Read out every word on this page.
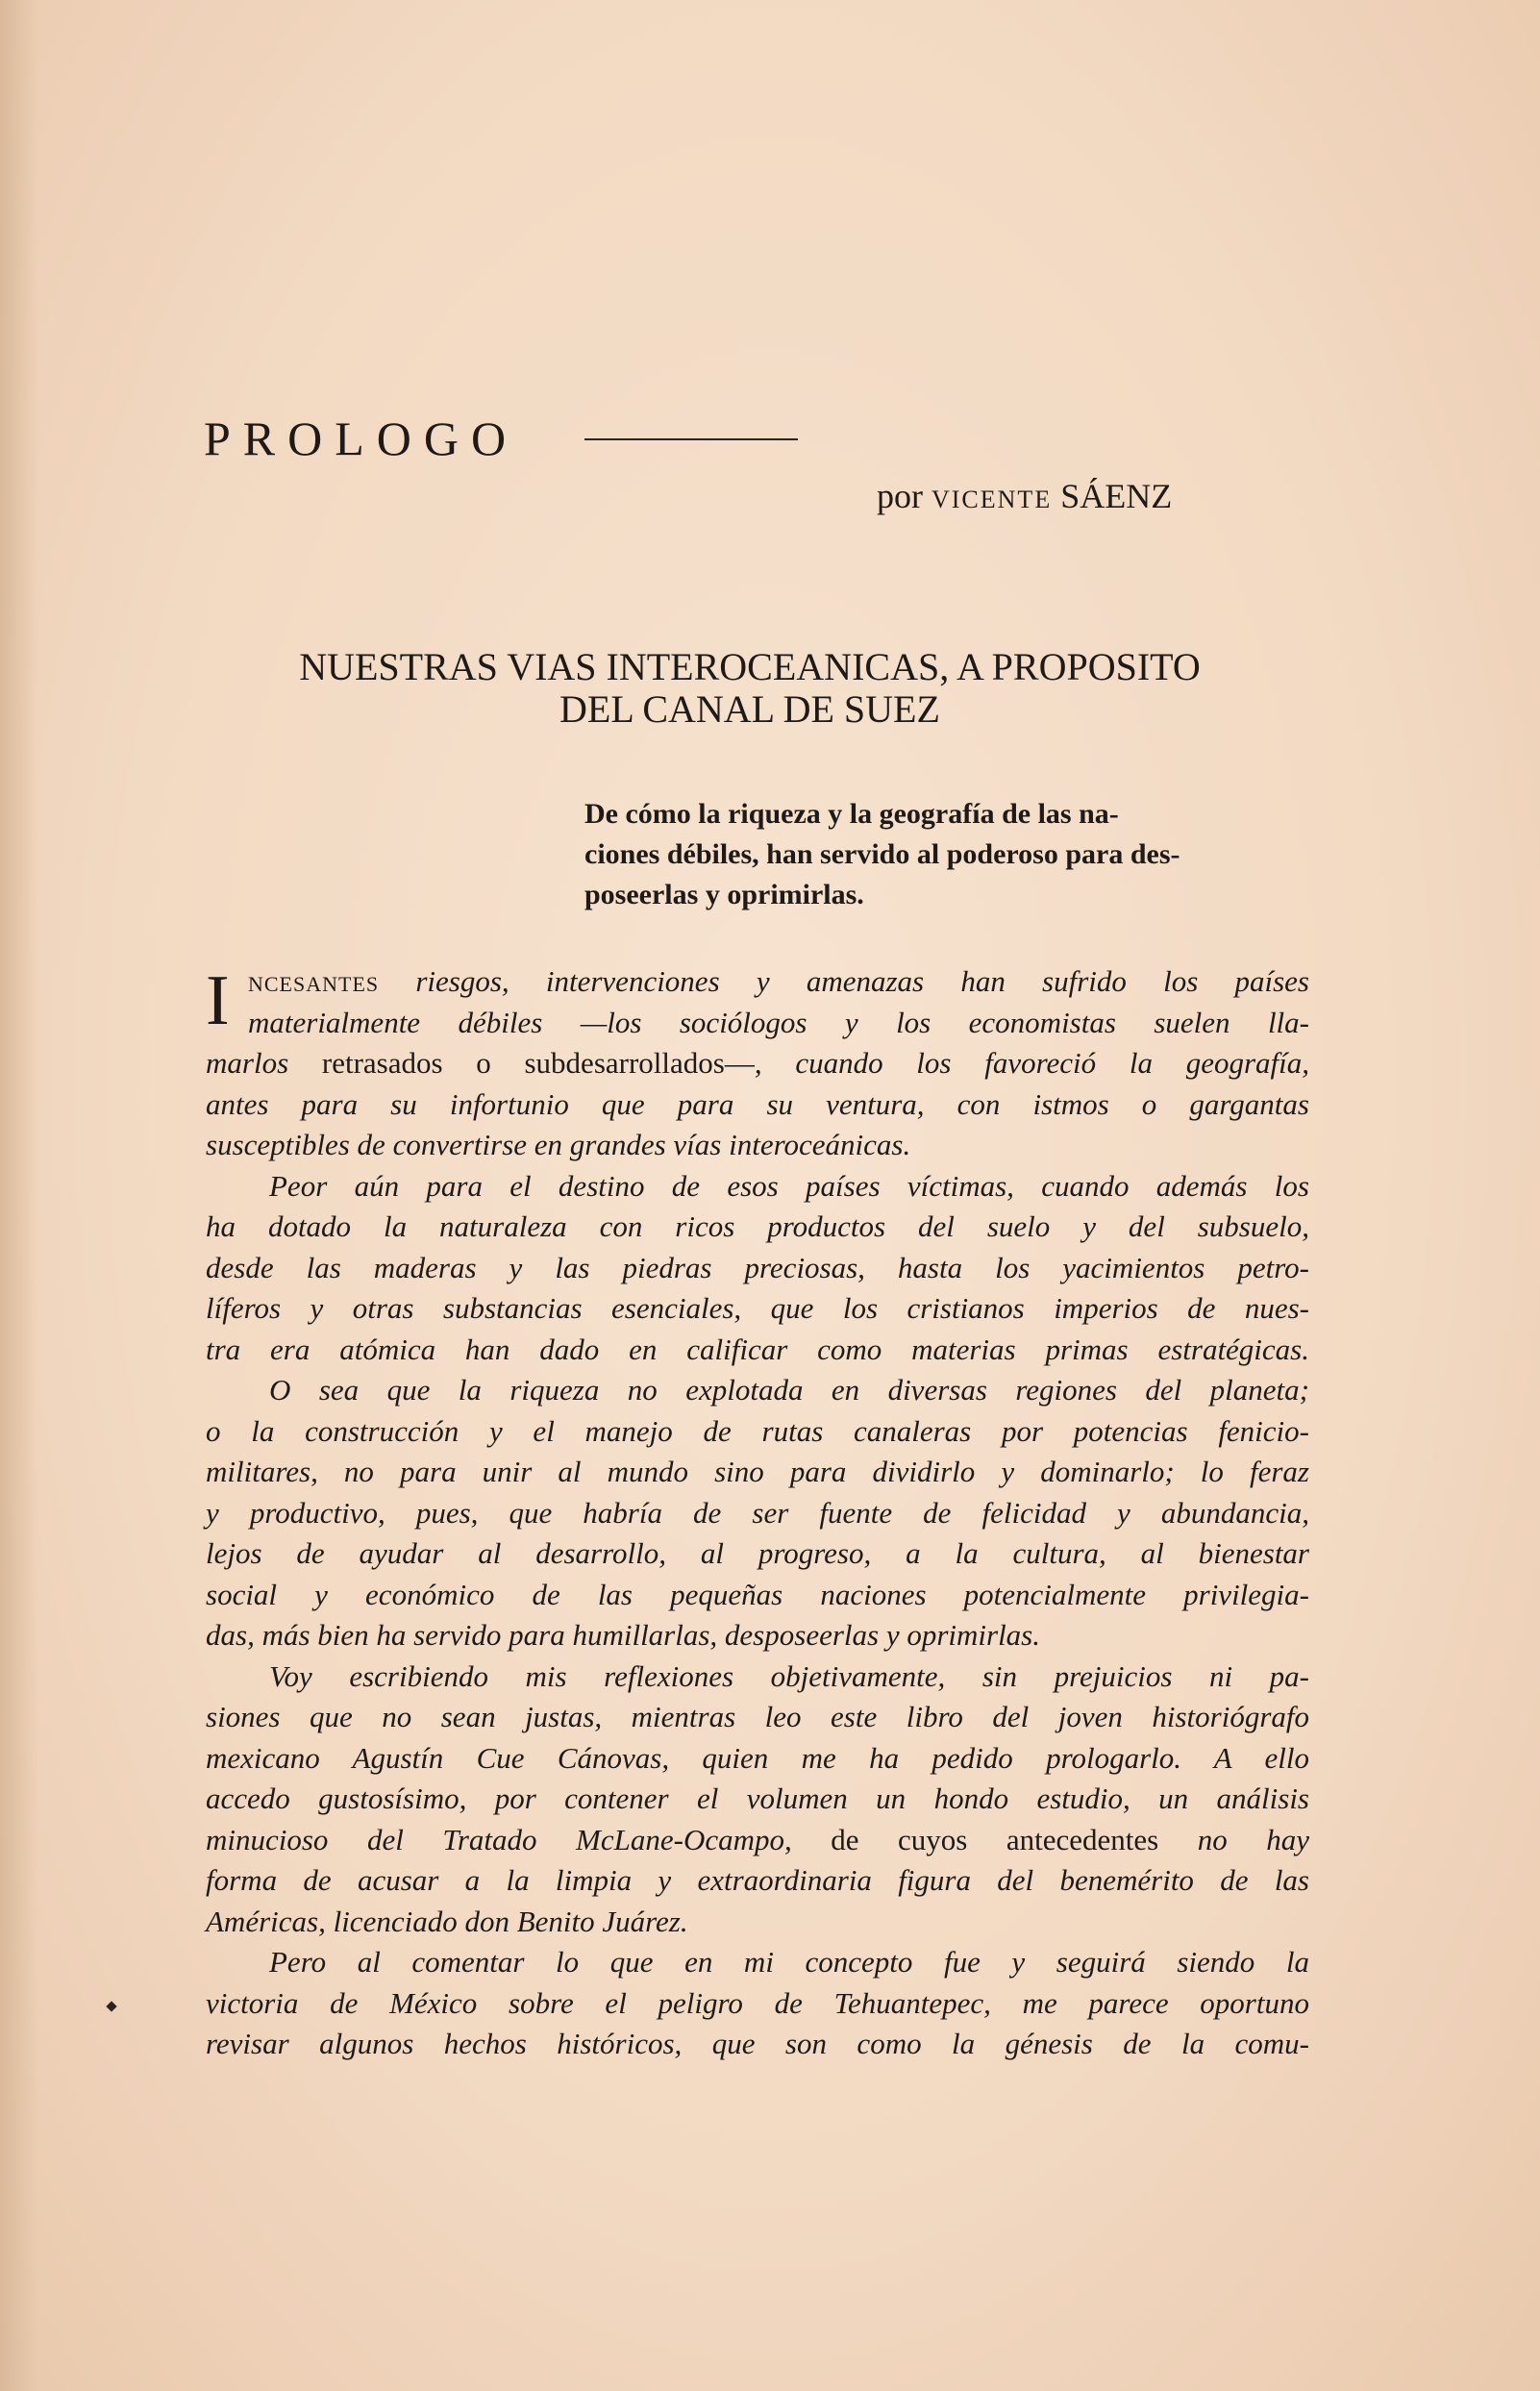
PROLOGO
por VICENTE SÁENZ
NUESTRAS VIAS INTEROCEANICAS, A PROPOSITO
DEL CANAL DE SUEZ
De cómo la riqueza y la geografía de las na-
ciones débiles, han servido al poderoso para des-
poseerlas y oprimirlas.
I NCESANTES riesgos, intervenciones y amenazas han sufrido los países
materialmente débiles —los sociólogos y los economistas suelen lla-
marlos retrasados o subdesarrollados—, cuando los favoreció la geografía,
antes para su infortunio que para su ventura, con istmos o gargantas
susceptibles de convertirse en grandes vías interoceánicas.
Peor aún para el destino de esos países víctimas, cuando además los
ha dotado la naturaleza con ricos productos del suelo y del subsuelo,
desde las maderas y las piedras preciosas, hasta los yacimientos petro-
líferos y otras substancias esenciales, que los cristianos imperios de nues-
tra era atómica han dado en calificar como materias primas estratégicas.
O sea que la riqueza no explotada en diversas regiones del planeta;
o la construcción y el manejo de rutas canaleras por potencias fenicio-
militares, no para unir al mundo sino para dividirlo y dominarlo; lo feraz
y productivo, pues, que habría de ser fuente de felicidad y abundancia,
lejos de ayudar al desarrollo, al progreso, a la cultura, al bienestar
social y económico de las pequeñas naciones potencialmente privilegia-
das, más bien ha servido para humillarlas, desposeerlas y oprimirlas.
Voy escribiendo mis reflexiones objetivamente, sin prejuicios ni pa-
siones que no sean justas, mientras leo este libro del joven historiógrafo
mexicano Agustín Cue Cánovas, quien me ha pedido prologarlo. A ello
accedo gustosísimo, por contener el volumen un hondo estudio, un análisis
minucioso del Tratado McLane-Ocampo, de cuyos antecedentes no hay
forma de acusar a la limpia y extraordinaria figura del benemérito de las
Américas, licenciado don Benito Juárez.
Pero al comentar lo que en mi concepto fue y seguirá siendo la
victoria de México sobre el peligro de Tehuantepec, me parece oportuno
revisar algunos hechos históricos, que son como la génesis de la comu-
